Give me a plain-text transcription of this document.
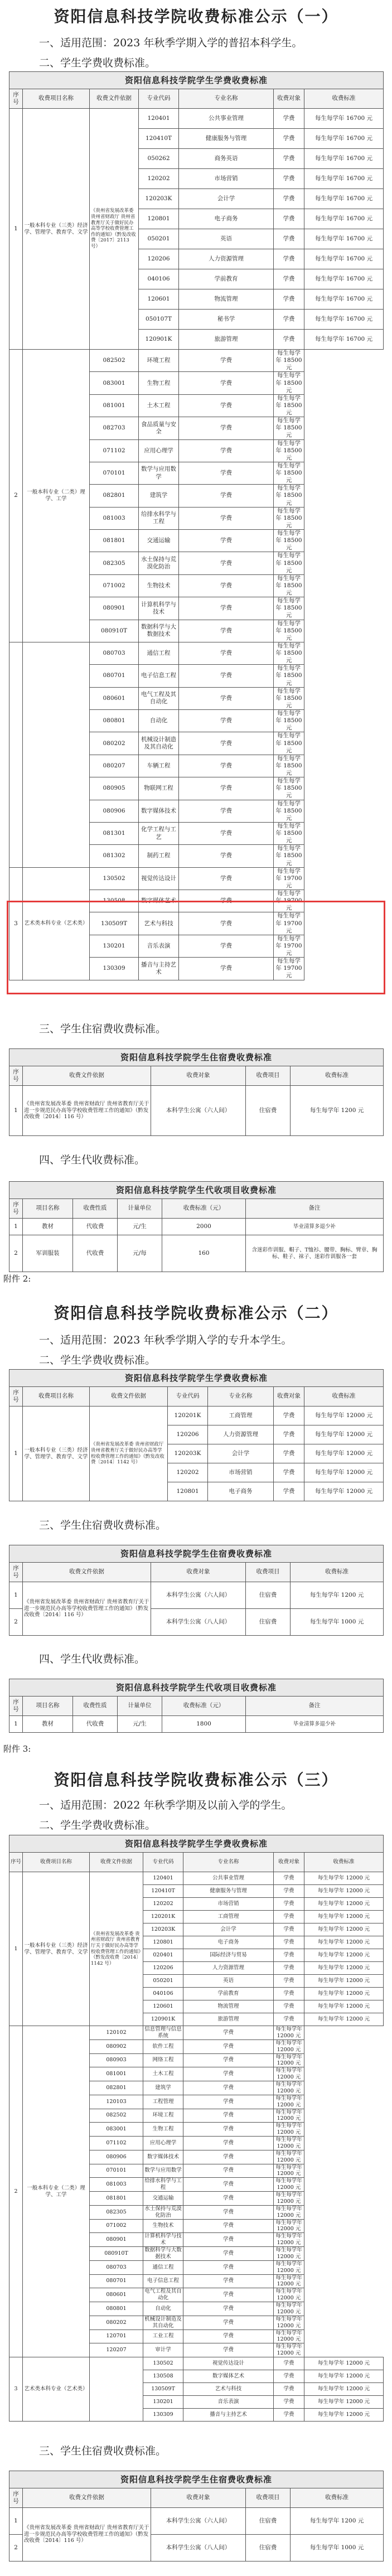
资阳信息科技学院收费标准公示（一）
一、适用范围：2023 年秋季学期入学的普招本科学生。
二、学生学费收费标准。
资阳信息科技学院学生学费收费标准						
序号	收费项目名称	收费文件依据	专业代码	专业名称	收费对象	收费标准
1	一般本科专业（三类）经济学、管理学、教育学、文学	《贵州省发展改革委 贵州省财政厅 贵州省教育厅关于做好民办高等学校收费管理工作的通知》（黔发改收费〔2017〕2113 号）	120401	公共事业管理	学费	每生每学年 16700 元
			120410T	健康服务与管理	学费	每生每学年 16700 元
			050262	商务英语	学费	每生每学年 16700 元
			120202	市场营销	学费	每生每学年 16700 元
			120203K	会计学	学费	每生每学年 16700 元
			120801	电子商务	学费	每生每学年 16700 元
			050201	英语	学费	每生每学年 16700 元
			120206	人力资源管理	学费	每生每学年 16700 元
			040106	学前教育	学费	每生每学年 16700 元
			120601	物流管理	学费	每生每学年 16700 元
			050107T	秘书学	学费	每生每学年 16700 元
			120901K	旅游管理	学费	每生每学年 16700 元
2	一般本科专业（二类）理学、工学	082502	环境工程	学费	每生每学年 18500 元	
		083001	生物工程	学费	每生每学年 18500 元	
		081001	土木工程	学费	每生每学年 18500 元	
		082703	食品质量与安全	学费	每生每学年 18500 元	
		071102	应用心理学	学费	每生每学年 18500 元	
		070101	数学与应用数学	学费	每生每学年 18500 元	
		082801	建筑学	学费	每生每学年 18500 元	
		081003	给排水科学与工程	学费	每生每学年 18500 元	
		081801	交通运输	学费	每生每学年 18500 元	
		082305	水土保持与荒漠化防治	学费	每生每学年 18500 元	
		071002	生物技术	学费	每生每学年 18500 元	
		080901	计算机科学与技术	学费	每生每学年 18500 元	
		080910T	数据科学与大数据技术	学费	每生每学年 18500 元	
		080703	通信工程	学费	每生每学年 18500 元	
		080701	电子信息工程	学费	每生每学年 18500 元	
		080601	电气工程及其自动化	学费	每生每学年 18500 元	
		080801	自动化	学费	每生每学年 18500 元	
		080202	机械设计制造及其自动化	学费	每生每学年 18500 元	
		080207	车辆工程	学费	每生每学年 18500 元	
		080905	物联网工程	学费	每生每学年 18500 元	
		080906	数字媒体技术	学费	每生每学年 18500 元	
		081301	化学工程与工艺	学费	每生每学年 18500 元	
		081302	制药工程	学费	每生每学年 18500 元	
3	艺术类本科专业（艺术类）	130502	视觉传达设计	学费	每生每学年 19700 元	
		130508	数字媒体艺术	学费	每生每学年 19700 元	
		130509T	艺术与科技	学费	每生每学年 19700 元	
		130201	音乐表演	学费	每生每学年 19700 元	
		130309	播音与主持艺术	学费	每生每学年 19700 元	
三、学生住宿费收费标准。
资阳信息科技学院学生住宿费收费标准				
序号	收费文件依据	收费对象	收费项目	收费标准
1	《贵州省发展改革委 贵州省财政厅 贵州省教育厅关于进一步规范民办高等学校收费管理工作的通知》（黔发改收费〔2014〕116 号）	本科学生公寓（六人间）	住宿费	每生每学年 1200 元
四、学生代收费标准。
资阳信息科技学院学生代收项目收费标准					
序号	项目名称	收费性质	计量单位	收费标准（元）	备注
1	教材	代收费	元/生	2000	毕业清算多退少补
2	军训服装	代收费	元/每	160	含迷彩作训服、帽子、T恤衫、腰带、胸标、臂章、胸标、鞋子、袜子、迷彩作训服各一套
附件 2:
资阳信息科技学院收费标准公示（二）
一、适用范围：2023 年秋季学期入学的专升本学生。
二、学生学费收费标准。
资阳信息科技学院学生学费收费标准						
序号	收费项目名称	收费文件依据	专业代码	专业名称	收费对象	收费标准
1	一般本科专业（三类）经济学、管理学、教育学、文学	《贵州省发展改革委 贵州省财政厅 贵州省教育厅关于做好民办高等学校收费管理工作的通知》（黔发改收费〔2014〕1142 号）	120201K	工商管理	学费	每生每学年 12000 元
			120206	人力资源管理	学费	每生每学年 12000 元
			120203K	会计学	学费	每生每学年 12000 元
			120202	市场营销	学费	每生每学年 12000 元
			120801	电子商务	学费	每生每学年 12000 元
三、学生住宿费收费标准。
资阳信息科技学院学生住宿费收费标准				
序号	收费文件依据	收费对象	收费项目	收费标准
1	《贵州省发展改革委 贵州省财政厅 贵州省教育厅关于进一步规范民办高等学校收费管理工作的通知》（黔发改收费〔2014〕116 号）	本科学生公寓（六人间）	住宿费	每生每学年 1200 元
2		本科学生公寓（八人间）	住宿费	每生每学年 1000 元
四、学生代收费标准。
资阳信息科技学院学生代收项目收费标准					
序号	项目名称	收费性质	计量单位	收费标准（元）	备注
1	教材	代收费	元/生	1800	毕业清算多退少补
附件 3:
资阳信息科技学院收费标准公示（三）
一、适用范围：2022 年秋季学期及以前入学的学生。
二、学生学费收费标准。
资阳信息科技学院学生学费收费标准						
序号	收费项目名称	收费文件依据	专业代码	专业名称	收费对象	收费标准
1	一般本科专业（三类）经济学、管理学、教育学、文学	《贵州省发展改革委 贵州省财政厅 贵州省教育厅关于做好民办高等学校收费管理工作的通知》（黔发改收费〔2014〕1142 号）	120401	公共事业管理	学费	每生每学年 12000 元
			120410T	健康服务与管理	学费	每生每学年 12000 元
			120202	市场营销	学费	每生每学年 12000 元
			120201K	工商管理	学费	每生每学年 12000 元
			120203K	会计学	学费	每生每学年 12000 元
			120801	电子商务	学费	每生每学年 12000 元
			020401	国际经济与贸易	学费	每生每学年 12000 元
			120206	人力资源管理	学费	每生每学年 12000 元
			050201	英语	学费	每生每学年 12000 元
			040106	学前教育	学费	每生每学年 12000 元
			120601	物流管理	学费	每生每学年 12000 元
			120901K	旅游管理	学费	每生每学年 12000 元
2	一般本科专业（二类）理学、工学	120102	信息管理与信息系统	学费	每生每学年 12000 元	
		080902	软件工程	学费	每生每学年 12000 元	
		080903	网络工程	学费	每生每学年 12000 元	
		081001	土木工程	学费	每生每学年 12000 元	
		082801	建筑学	学费	每生每学年 12000 元	
		120103	工程管理	学费	每生每学年 12000 元	
		082502	环境工程	学费	每生每学年 12000 元	
		083001	生物工程	学费	每生每学年 12000 元	
		071102	应用心理学	学费	每生每学年 12000 元	
		080906	数字媒体技术	学费	每生每学年 12000 元	
		070101	数学与应用数学	学费	每生每学年 12000 元	
		081003	给排水科学与工程	学费	每生每学年 12000 元	
		081801	交通运输	学费	每生每学年 12000 元	
		082305	水土保持与荒漠化防治	学费	每生每学年 12000 元	
		071002	生物技术	学费	每生每学年 12000 元	
		080901	计算机科学与技术	学费	每生每学年 12000 元	
		080910T	数据科学与大数据技术	学费	每生每学年 12000 元	
		080703	通信工程	学费	每生每学年 12000 元	
		080701	电子信息工程	学费	每生每学年 12000 元	
		080601	电气工程及其自动化	学费	每生每学年 12000 元	
		080801	自动化	学费	每生每学年 12000 元	
		080202	机械设计制造及其自动化	学费	每生每学年 12000 元	
		120701	工业工程	学费	每生每学年 12000 元	
		120207	审计学	学费	每生每学年 12000 元	
3	艺术类本科专业（艺术类）		130502	视觉传达设计	学费	每生每学年 12000 元
			130508	数字媒体艺术	学费	每生每学年 12000 元
			130509T	艺术与科技	学费	每生每学年 12000 元
			130201	音乐表演	学费	每生每学年 12000 元
			130309	播音与主持艺术	学费	每生每学年 12000 元
三、学生住宿费收费标准。
资阳信息科技学院学生住宿费收费标准				
序号	收费文件依据	收费对象	收费项目	收费标准
1	《贵州省发展改革委 贵州省财政厅 贵州省教育厅关于进一步规范民办高等学校收费管理工作的通知》（黔发改收费〔2014〕116 号）	本科学生公寓（六人间）	住宿费	每生每学年 1200 元
2		本科学生公寓（八人间）	住宿费	每生每学年 1000 元
